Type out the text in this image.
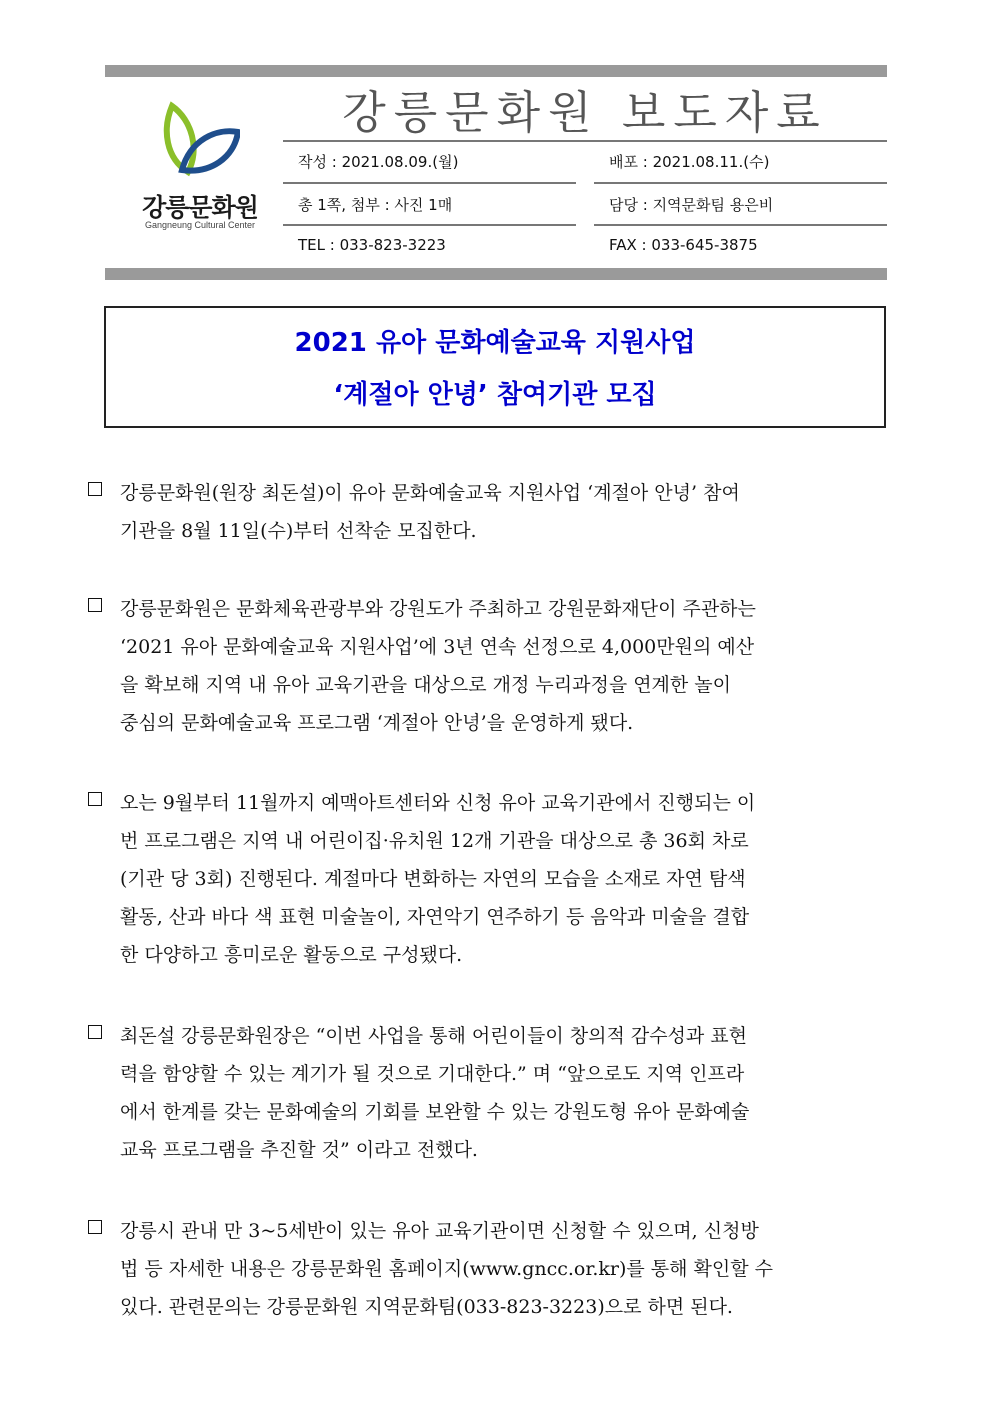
강릉문화원
Gangneung Cultural Center
강릉문화원 보도자료
작성 : 2021.08.09.(월)	배포 : 2021.08.11.(수)
총 1쪽, 첨부 : 사진 1매	담당 : 지역문화팀 용은비
TEL : 033-823-3223	FAX : 033-645-3875
2021 유아 문화예술교육 지원사업
‘계절아 안녕’ 참여기관 모집
강릉문화원(원장 최돈설)이 유아 문화예술교육 지원사업 ‘계절아 안녕’ 참여
기관을 8월 11일(수)부터 선착순 모집한다.
강릉문화원은 문화체육관광부와 강원도가 주최하고 강원문화재단이 주관하는
‘2021 유아 문화예술교육 지원사업’에 3년 연속 선정으로 4,000만원의 예산
을 확보해 지역 내 유아 교육기관을 대상으로 개정 누리과정을 연계한 놀이
중심의 문화예술교육 프로그램 ‘계절아 안녕’을 운영하게 됐다.
오는 9월부터 11월까지 예맥아트센터와 신청 유아 교육기관에서 진행되는 이
번 프로그램은 지역 내 어린이집·유치원 12개 기관을 대상으로 총 36회 차로
(기관 당 3회) 진행된다. 계절마다 변화하는 자연의 모습을 소재로 자연 탐색
활동, 산과 바다 색 표현 미술놀이, 자연악기 연주하기 등 음악과 미술을 결합
한 다양하고 흥미로운 활동으로 구성됐다.
최돈설 강릉문화원장은 “이번 사업을 통해 어린이들이 창의적 감수성과 표현
력을 함양할 수 있는 계기가 될 것으로 기대한다.” 며 “앞으로도 지역 인프라
에서 한계를 갖는 문화예술의 기회를 보완할 수 있는 강원도형 유아 문화예술
교육 프로그램을 추진할 것” 이라고 전했다.
강릉시 관내 만 3~5세반이 있는 유아 교육기관이면 신청할 수 있으며, 신청방
법 등 자세한 내용은 강릉문화원 홈페이지(www.gncc.or.kr)를 통해 확인할 수
있다. 관련문의는 강릉문화원 지역문화팀(033-823-3223)으로 하면 된다.
